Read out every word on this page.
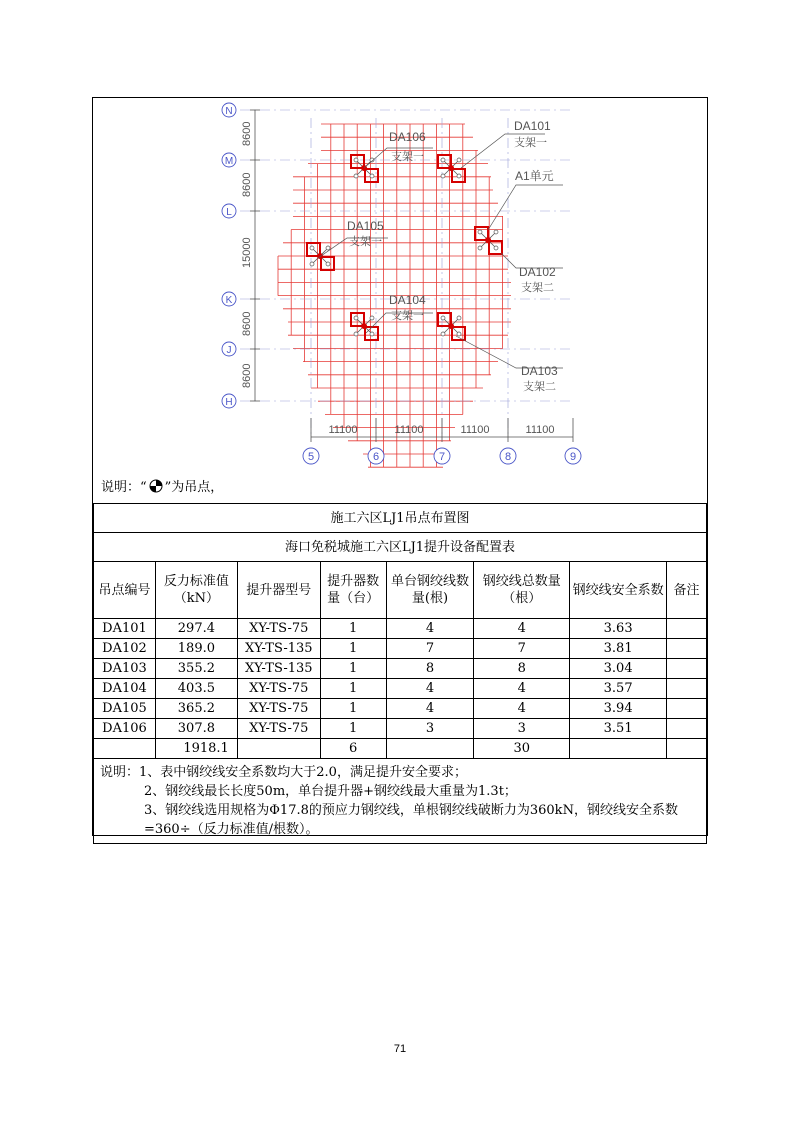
8600
8600
15000
8600
8600
N
M
L
K
J
H
11100	11100	11100	11100
5	6	7	8	9
DA101
支架一
A1单元
DA102
支架二
DA103
支架二
DA104
支架一
DA105
支架一
DA106
支架一
说明：“ ”为吊点，
施工六区LJ1吊点布置图							
海口免税城施工六区LJ1提升设备配置表							
吊点编号	反力标准值（kN）	提升器型号	提升器数量（台）	单台钢绞线数量(根)	钢绞线总数量（根）	钢绞线安全系数	备注
DA101	297.4	XY-TS-75	1	4	4	3.63	
DA102	189.0	XY-TS-135	1	7	7	3.81	
DA103	355.2	XY-TS-135	1	8	8	3.04	
DA104	403.5	XY-TS-75	1	4	4	3.57	
DA105	365.2	XY-TS-75	1	4	4	3.94	
DA106	307.8	XY-TS-75	1	3	3	3.51	
	1918.1		6		30		

说明：1、表中钢绞线安全系数均大于2.0，满足提升安全要求；
2、钢绞线最长长度50m，单台提升器+钢绞线最大重量为1.3t；
3、钢绞线选用规格为Φ17.8的预应力钢绞线，单根钢绞线破断力为360kN，钢绞线安全系数=360÷（反力标准值/根数）。							
71
